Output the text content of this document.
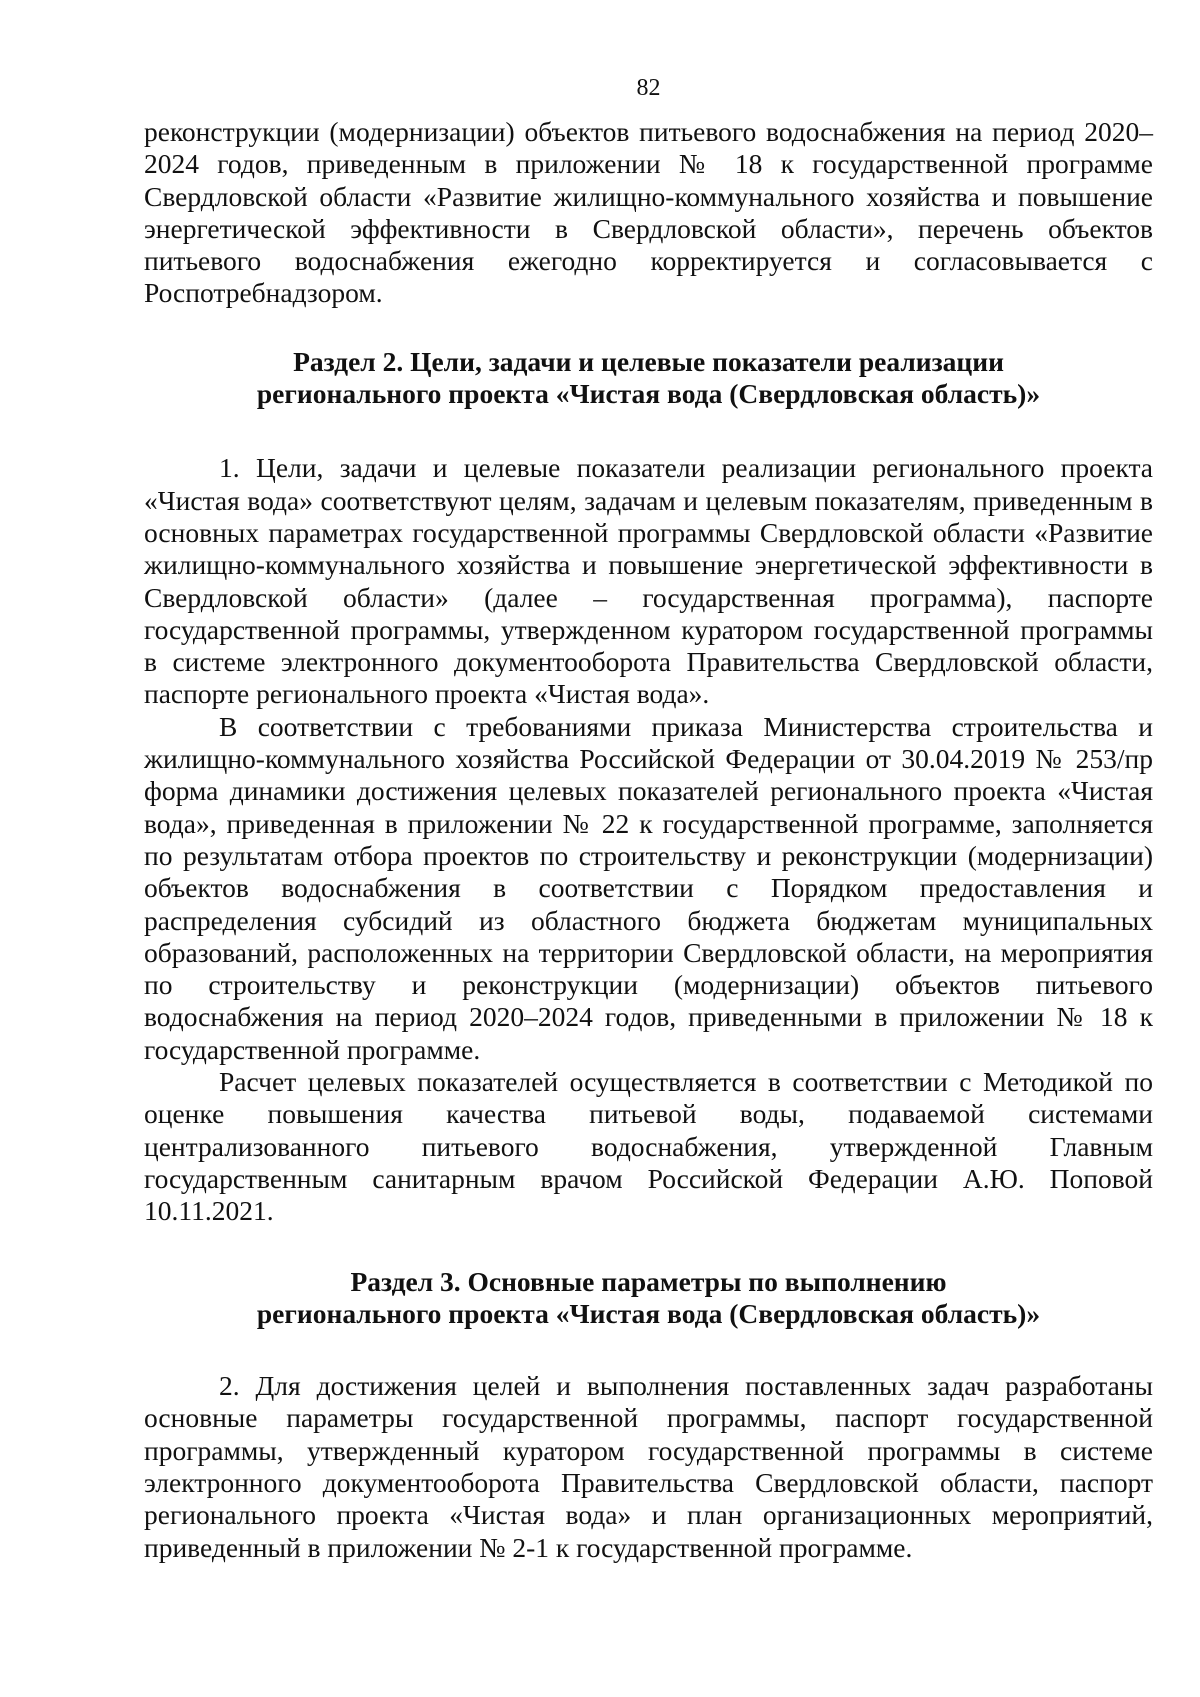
82

реконструкции (модернизации) объектов питьевого водоснабжения на период 2020–2024 годов, приведенным в приложении № 18 к государственной программе Свердловской области «Развитие жилищно-коммунального хозяйства и повышение энергетической эффективности в Свердловской области», перечень объектов питьевого водоснабжения ежегодно корректируется и согласовывается с Роспотребнадзором.

Раздел 2. Цели, задачи и целевые показатели реализации
регионального проекта «Чистая вода (Свердловская область)»

1. Цели, задачи и целевые показатели реализации регионального проекта «Чистая вода» соответствуют целям, задачам и целевым показателям, приведенным в основных параметрах государственной программы Свердловской области «Развитие жилищно-коммунального хозяйства и повышение энергетической эффективности в Свердловской области» (далее – государственная программа), паспорте государственной программы, утвержденном куратором государственной программы в системе электронного документооборота Правительства Свердловской области, паспорте регионального проекта «Чистая вода».

В соответствии с требованиями приказа Министерства строительства и жилищно-коммунального хозяйства Российской Федерации от 30.04.2019 № 253/пр форма динамики достижения целевых показателей регионального проекта «Чистая вода», приведенная в приложении № 22 к государственной программе, заполняется по результатам отбора проектов по строительству и реконструкции (модернизации) объектов водоснабжения в соответствии с Порядком предоставления и распределения субсидий из областного бюджета бюджетам муниципальных образований, расположенных на территории Свердловской области, на мероприятия по строительству и реконструкции (модернизации) объектов питьевого водоснабжения на период 2020–2024 годов, приведенными в приложении № 18 к государственной программе.

Расчет целевых показателей осуществляется в соответствии с Методикой по оценке повышения качества питьевой воды, подаваемой системами централизованного питьевого водоснабжения, утвержденной Главным государственным санитарным врачом Российской Федерации А.Ю. Поповой 10.11.2021.

Раздел 3. Основные параметры по выполнению
регионального проекта «Чистая вода (Свердловская область)»

2. Для достижения целей и выполнения поставленных задач разработаны основные параметры государственной программы, паспорт государственной программы, утвержденный куратором государственной программы в системе электронного документооборота Правительства Свердловской области, паспорт регионального проекта «Чистая вода» и план организационных мероприятий, приведенный в приложении № 2-1 к государственной программе.
